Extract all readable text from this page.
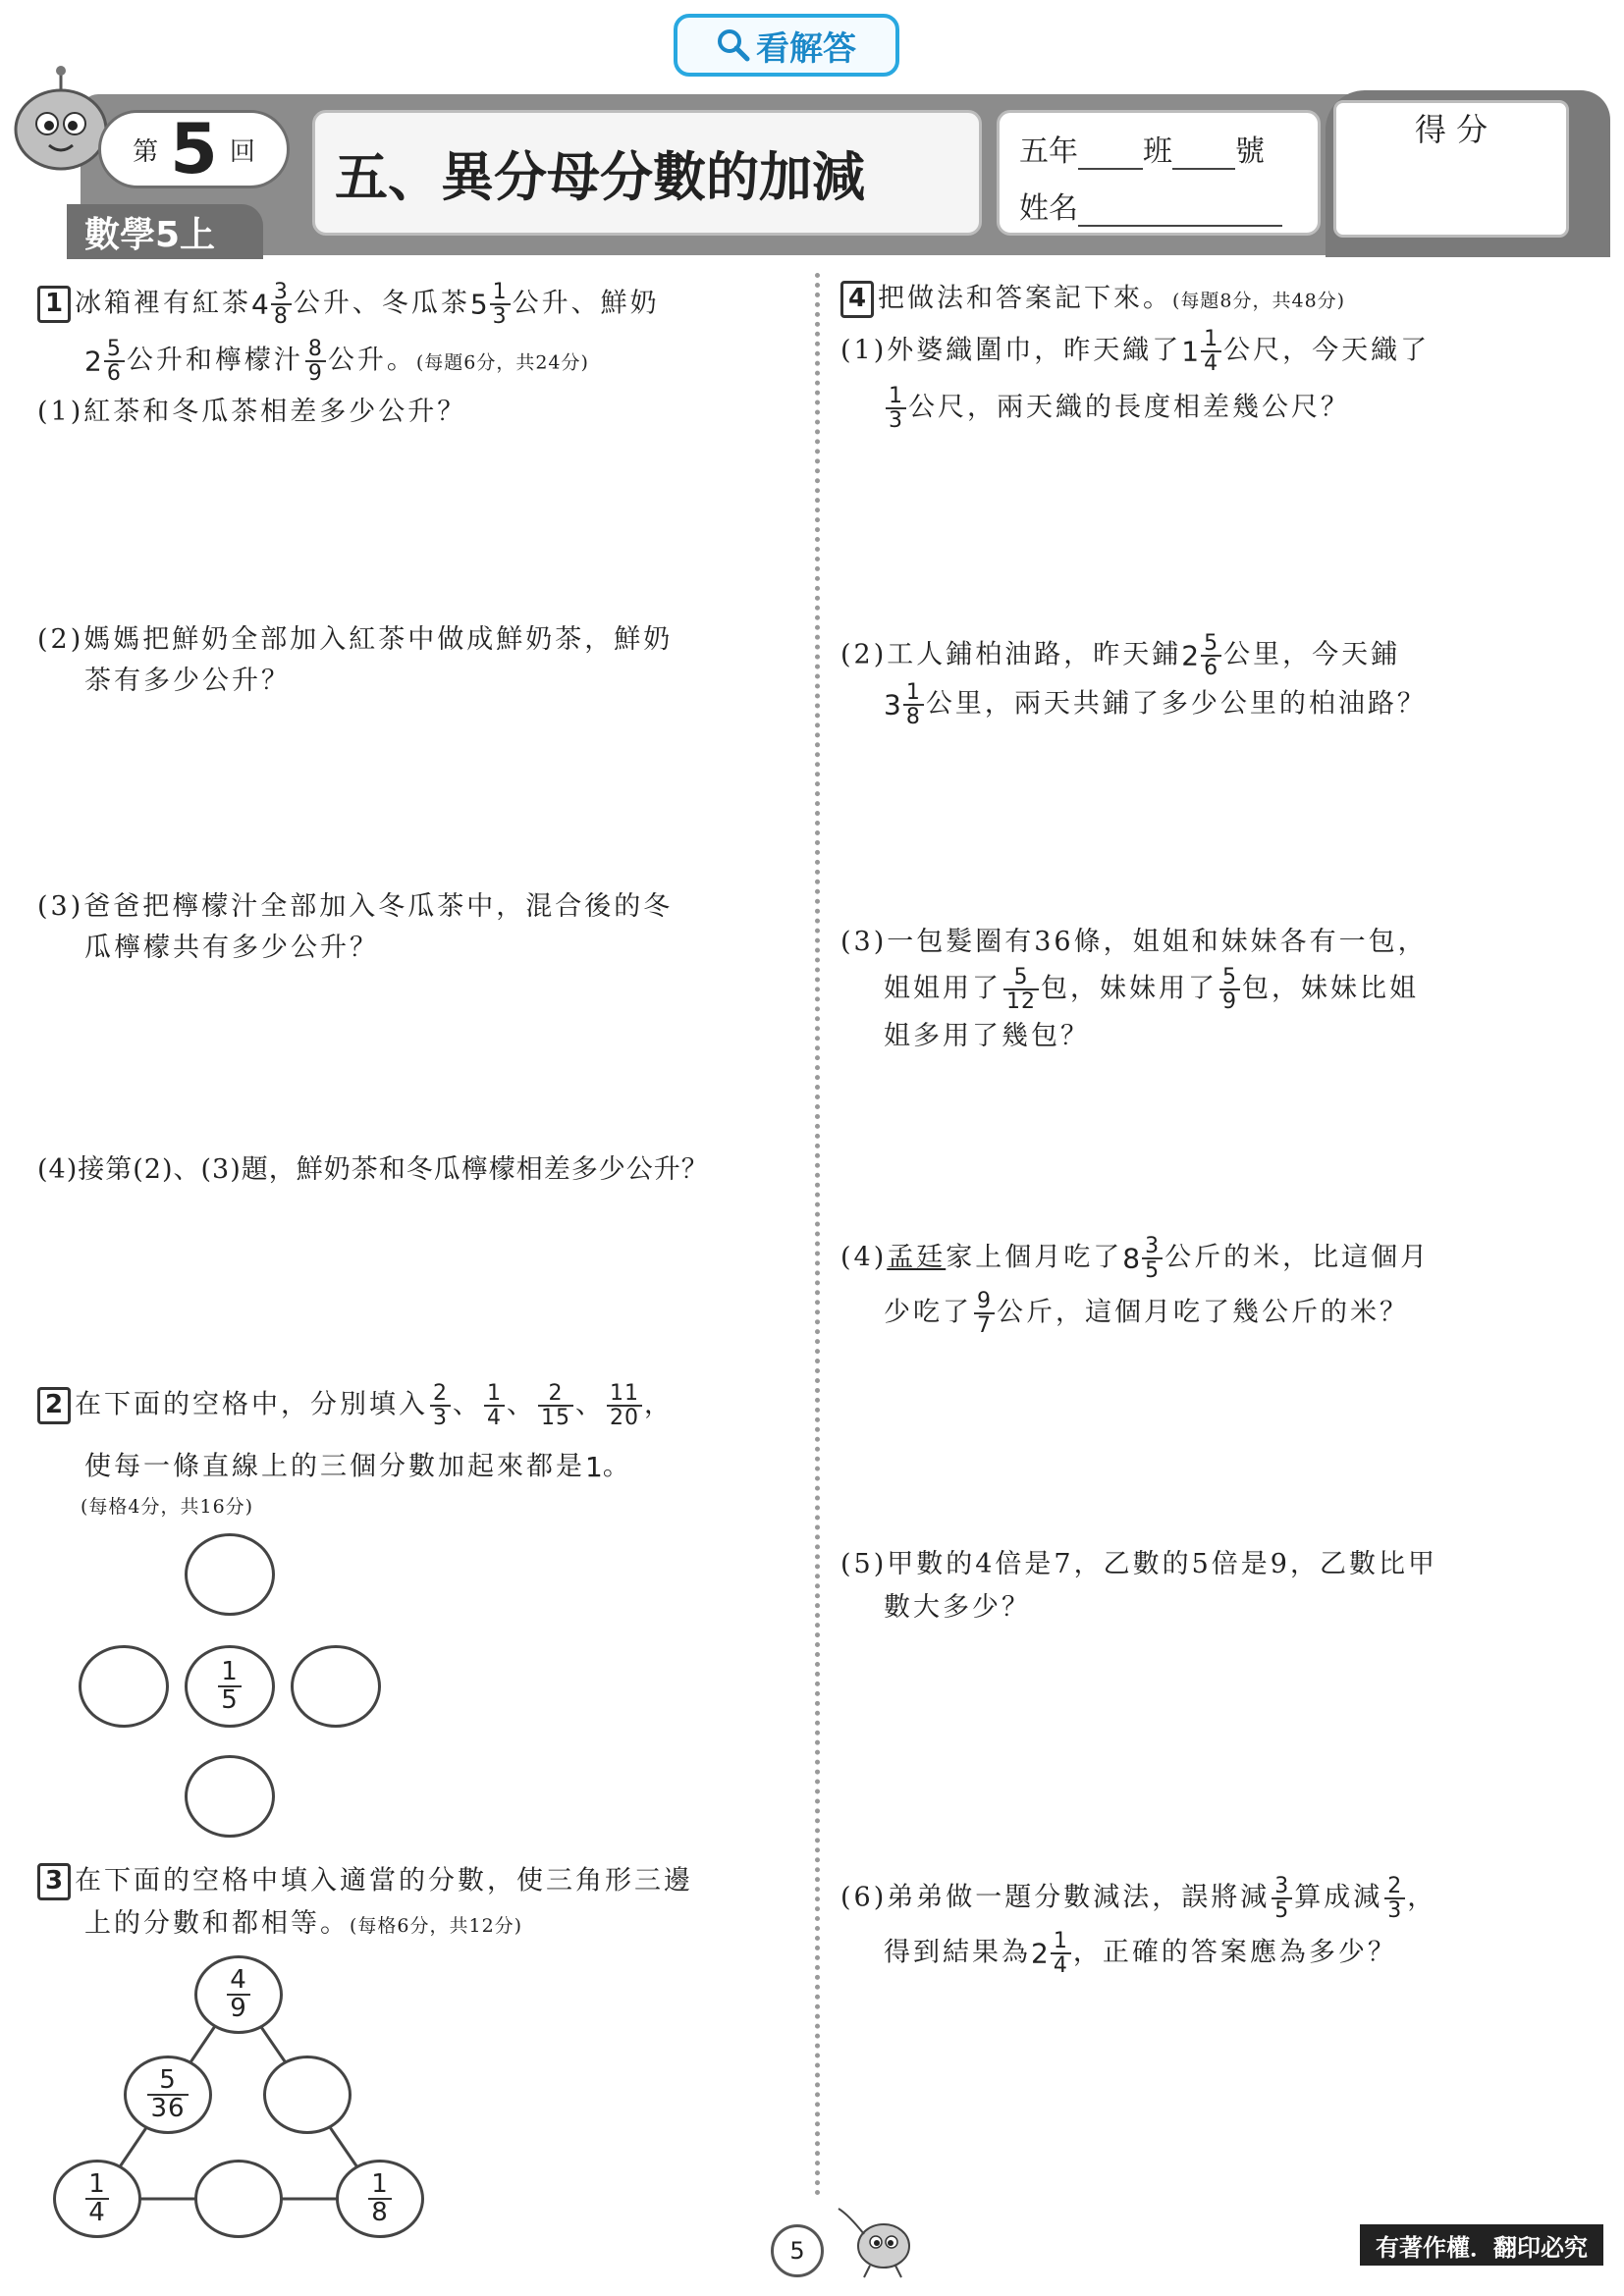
看解答
第 5 回
數學5上
五、異分母分數的加減	五年 班 號
姓名
得 分
1 冰箱裡有紅茶$4 \frac{3}{8}$ 公升、冬瓜茶$5 \frac{1}{3}$ 公升、鮮奶
$2 \frac{5}{6}$ 公升和檸檬汁 $\frac{8}{9}$ 公升。(每題6分，共24分)
(1)紅茶和冬瓜茶相差多少公升？
(2)媽媽把鮮奶全部加入紅茶中做成鮮奶茶，鮮奶
茶有多少公升？
(3)爸爸把檸檬汁全部加入冬瓜茶中，混合後的冬
瓜檸檬共有多少公升？
(4)接第(2)、(3)題，鮮奶茶和冬瓜檸檬相差多少公升？
2 在下面的空格中，分別填入 $\frac{2}{3}$ 、 $\frac{1}{4}$ 、 $\frac{2}{15}$ 、 $\frac{11}{20}$ ，
使每一條直線上的三個分數加起來都是1。
(每格4分，共16分)
$\frac{1}{5}$
3 在下面的空格中填入適當的分數，使三角形三邊
上的分數和都相等。(每格6分，共12分)
$\frac{4}{9}$
$\frac{5}{36}$
$\frac{1}{4}$	$\frac{1}{8}$
4 把做法和答案記下來。(每題8分，共48分)
(1)外婆織圍巾，昨天織了$1 \frac{1}{4}$ 公尺，今天織了
$\frac{1}{3}$ 公尺，兩天織的長度相差幾公尺？
(2)工人鋪柏油路，昨天鋪$2 \frac{5}{6}$ 公里，今天鋪
$3 \frac{1}{8}$ 公里，兩天共鋪了多少公里的柏油路？
(3)一包髮圈有36條，姐姐和妹妹各有一包，
姐姐用了 $\frac{5}{12}$ 包，妹妹用了 $\frac{5}{9}$ 包，妹妹比姐
姐多用了幾包？
(4)孟廷家上個月吃了$8 \frac{3}{5}$ 公斤的米，比這個月
少吃了 $\frac{9}{7}$ 公斤，這個月吃了幾公斤的米？
(5)甲數的4倍是7，乙數的5倍是9，乙數比甲
數大多少？
(6)弟弟做一題分數減法，誤將減 $\frac{3}{5}$ 算成減 $\frac{2}{3}$ ，
得到結果為$2 \frac{1}{4}$ ，正確的答案應為多少？
5	有著作權．翻印必究
